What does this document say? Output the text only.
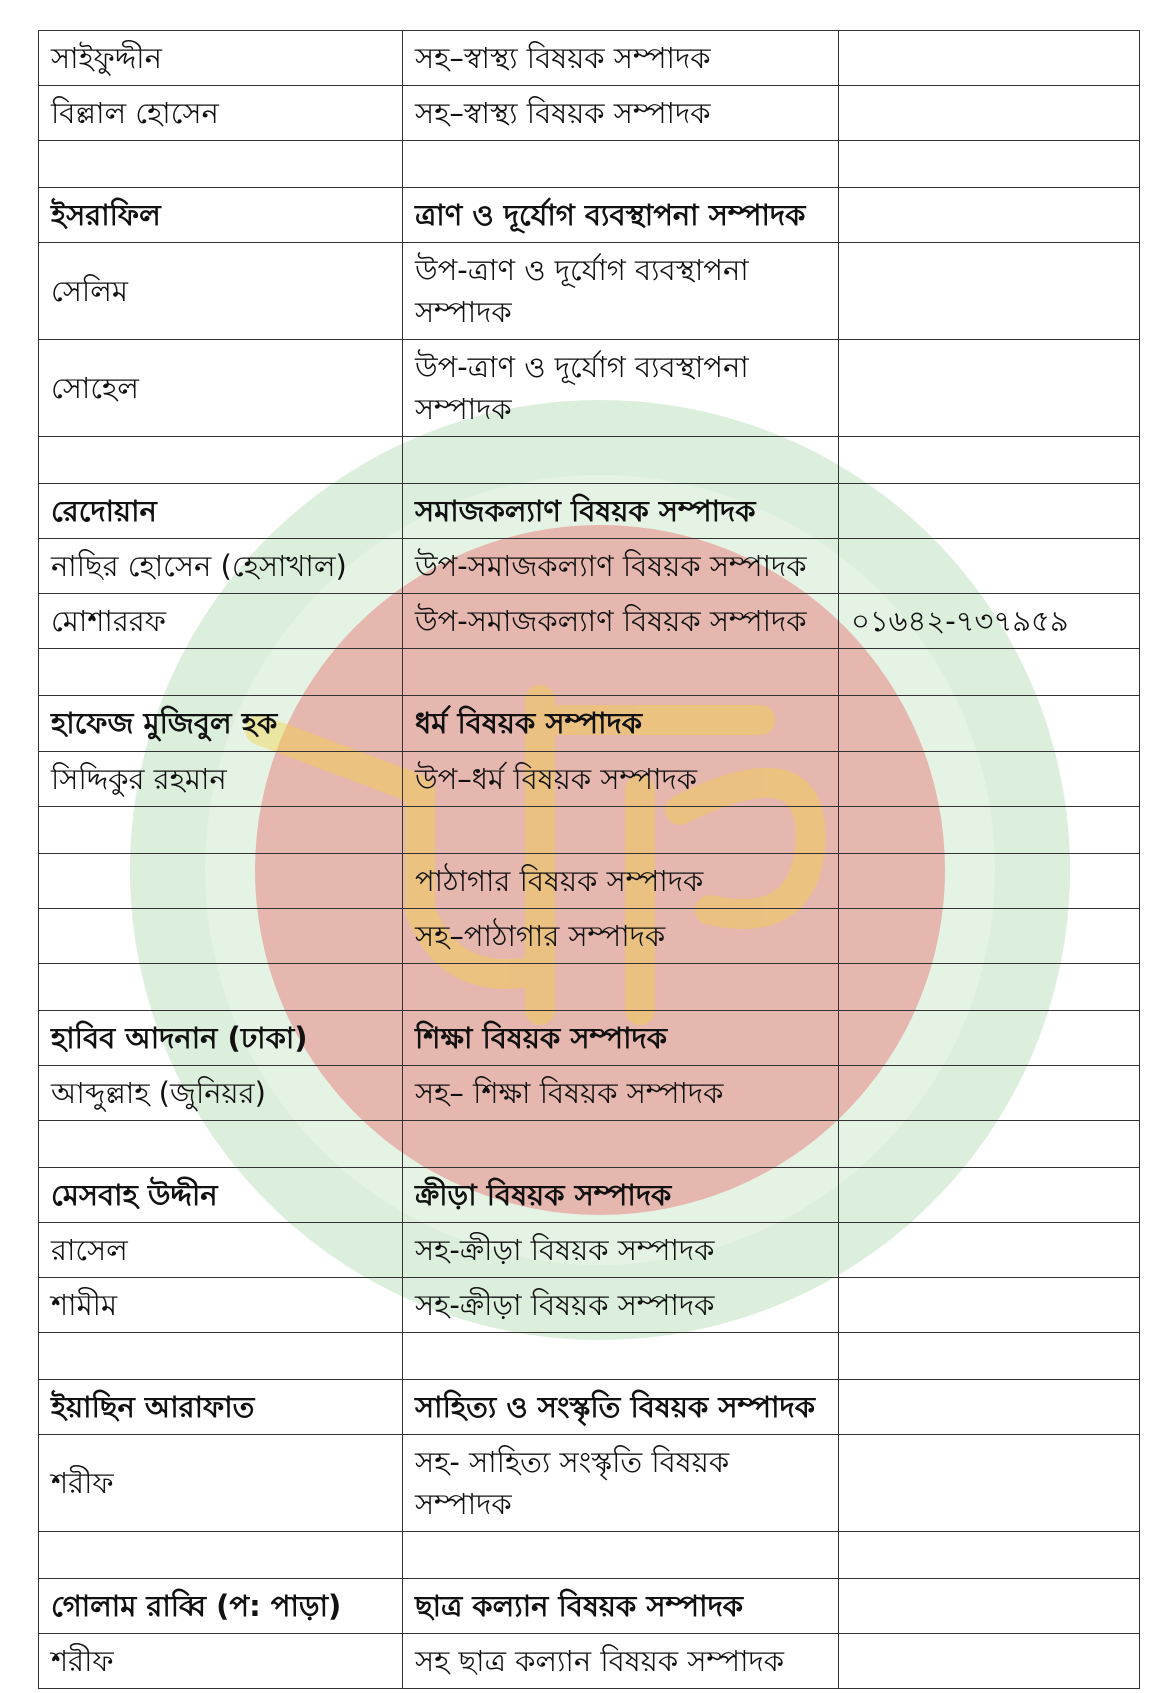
সাইফুদ্দীন	সহ–স্বাস্থ্য বিষয়ক সম্পাদক	
বিল্লাল হোসেন	সহ–স্বাস্থ্য বিষয়ক সম্পাদক	

ইসরাফিল	ত্রাণ ও দূর্যোগ ব্যবস্থাপনা সম্পাদক	
সেলিম	উপ-ত্রাণ ও দূর্যোগ ব্যবস্থাপনা সম্পাদক	
সোহেল	উপ-ত্রাণ ও দূর্যোগ ব্যবস্থাপনা সম্পাদক	

রেদোয়ান	সমাজকল্যাণ বিষয়ক সম্পাদক	
নাছির হোসেন (হেসাখাল)	উপ-সমাজকল্যাণ বিষয়ক সম্পাদক	
মোশাররফ	উপ-সমাজকল্যাণ বিষয়ক সম্পাদক	০১৬৪২-৭৩৭৯৫৯

হাফেজ মুজিবুল হক	ধর্ম বিষয়ক সম্পাদক	
সিদ্দিকুর রহমান	উপ–ধর্ম বিষয়ক সম্পাদক	

	পাঠাগার বিষয়ক সম্পাদক	
	সহ–পাঠাগার সম্পাদক	

হাবিব আদনান (ঢাকা)	শিক্ষা বিষয়ক সম্পাদক	
আব্দুল্লাহ (জুনিয়র)	সহ– শিক্ষা বিষয়ক সম্পাদক	

মেসবাহ উদ্দীন	ক্রীড়া বিষয়ক সম্পাদক	
রাসেল	সহ-ক্রীড়া বিষয়ক সম্পাদক	
শামীম	সহ-ক্রীড়া বিষয়ক সম্পাদক	

ইয়াছিন আরাফাত	সাহিত্য ও সংস্কৃতি বিষয়ক সম্পাদক	
শরীফ	সহ- সাহিত্য সংস্কৃতি বিষয়ক সম্পাদক	

গোলাম রাব্বি (প: পাড়া)	ছাত্র কল্যান বিষয়ক সম্পাদক	
শরীফ	সহ ছাত্র কল্যান বিষয়ক সম্পাদক	
